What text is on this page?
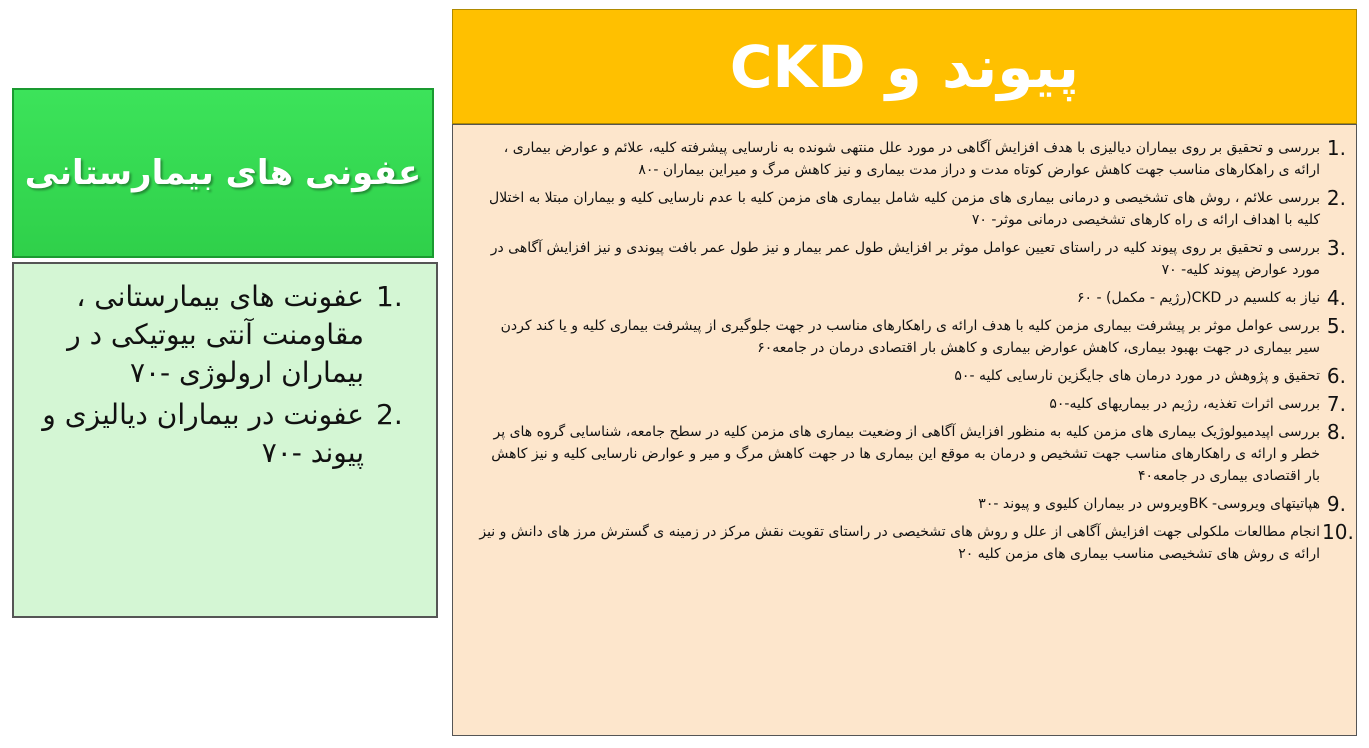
عفونی های بیمارستانی
1.
عفونت های بیمارستانی ، مقاومنت آنتی بیوتیکی د ر بیماران ارولوژی -۷۰
2.
عفونت در بیماران دیالیزی و پیوند -۷۰
پیوند و CKD
1.
بررسی و تحقیق بر روی بیماران دیالیزی با هدف افزایش آگاهی در مورد علل منتهی شونده به نارسایی پیشرفته کلیه، علائم و عوارض بیماری ، ارائه ی راهکارهای مناسب جهت کاهش عوارض کوتاه مدت و دراز مدت بیماری و نیز کاهش مرگ و میراین بیماران -۸۰
2.
بررسی علائم ، روش های تشخیصی و درمانی بیماری های مزمن کلیه شامل بیماری های مزمن کلیه با عدم نارسایی کلیه و بیماران مبتلا به اختلال کلیه با اهداف ارائه ی راه کارهای تشخیصی درمانی موثر- ۷۰
3.
بررسی و تحقیق بر روی پیوند کلیه در راستای تعیین عوامل موثر بر افزایش طول عمر بیمار و نیز طول عمر بافت پیوندی و نیز افزایش آگاهی در مورد عوارض پیوند کلیه- ۷۰
4.
نیاز به کلسیم در CKD(رژیم - مکمل) - ۶۰
5.
بررسی عوامل موثر بر پیشرفت بیماری مزمن کلیه با هدف ارائه ی راهکارهای مناسب در جهت جلوگیری از پیشرفت بیماری کلیه و یا کند کردن سیر بیماری در جهت بهبود بیماری، کاهش عوارض بیماری و کاهش بار اقتصادی درمان در جامعه۶۰
6.
تحقیق و پژوهش در مورد درمان های جایگزین نارسایی کلیه -۵۰
7.
بررسی اثرات تغذیه، رژیم در بیماریهای کلیه-۵۰
8.
بررسی اپیدمیولوژیک بیماری های مزمن کلیه به منظور افزایش آگاهی از وضعیت بیماری های مزمن کلیه در سطح جامعه، شناسایی گروه های پر خطر و ارائه ی راهکارهای مناسب جهت تشخیص و درمان به موقع این بیماری ها در جهت کاهش مرگ و میر و عوارض نارسایی کلیه و نیز کاهش بار اقتصادی بیماری در جامعه۴۰
9.
هپاتیتهای ویروسی- BKویروس در بیماران کلیوی و پیوند -۳۰
10.
انجام مطالعات ملکولی جهت افزایش آگاهی از علل و روش های تشخیصی در راستای تقویت نقش مرکز در زمینه ی گسترش مرز های دانش و نیز ارائه ی روش های تشخیصی مناسب بیماری های مزمن کلیه ۲۰
